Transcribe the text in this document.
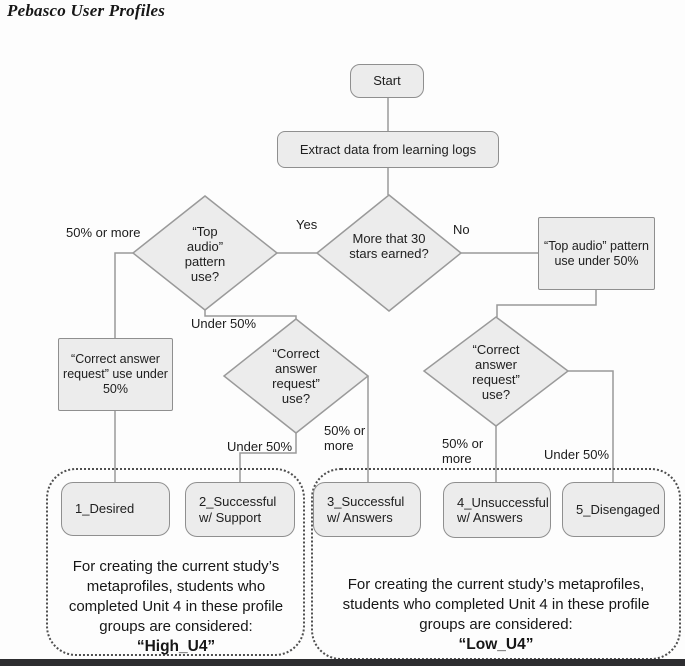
Pebasco User Profiles
Start
Extract data from learning logs
“Top audio” pattern use under 50%
“Correct answer request” use under 50%
“Top audio” pattern use?
More that 30 stars earned?
“Correct answer request” use?
“Correct answer request” use?
Yes	No
50% or more
Under 50%
Under 50%
50% or more	50% or more	Under 50%
1_Desired	2_Successful w/ Support
3_Successful w/ Answers
4_Unsuccessful w/ Answers
5_Disengaged
For creating the current study’s metaprofiles, students who completed Unit 4 in these profile groups are considered:
“High_U4”
For creating the current study’s metaprofiles, students who completed Unit 4 in these profile groups are considered:
“Low_U4”
